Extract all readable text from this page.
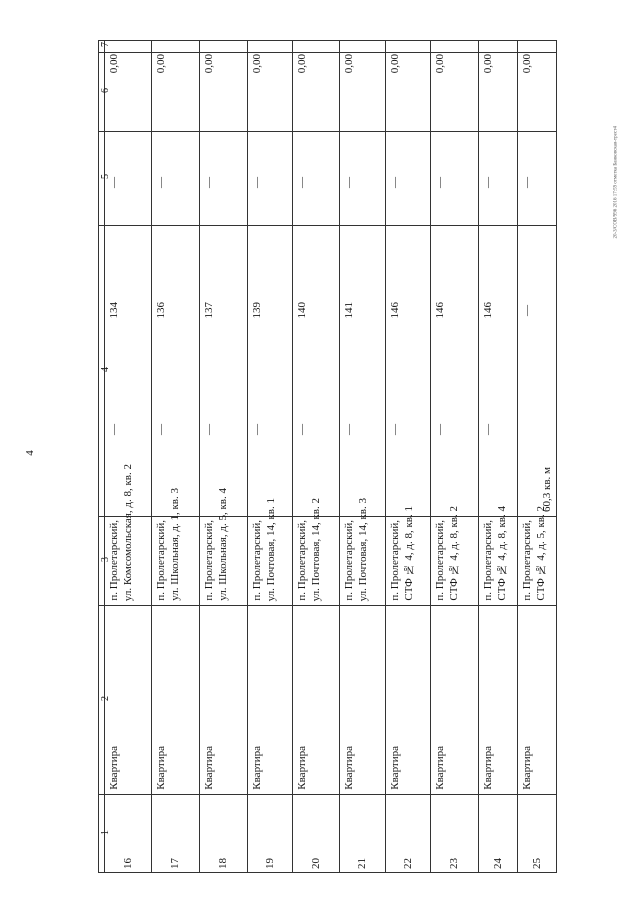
4
20-3/СОВ/996 2016 17:59 отметка Банковская-трест4
1
2
3
4
5
6
7
16
Квартира
п. Пролетарский, ул. Комсомольская, д. 8, кв. 2
—
134
—
0,00
17
Квартира
п. Пролетарский, ул. Школьная, д. 1, кв. 3
—
136
—
0,00
18
Квартира
п. Пролетарский, ул. Школьная, д. 5, кв. 4
—
137
—
0,00
19
Квартира
п. Пролетарский, ул. Почтовая, 14, кв. 1
—
139
—
0,00
20
Квартира
п. Пролетарский, ул. Почтовая, 14, кв. 2
—
140
—
0,00
21
Квартира
п. Пролетарский, ул. Почтовая, 14, кв. 3
—
141
—
0,00
22
Квартира
п. Пролетарский, СТФ № 4, д. 8, кв. 1
—
146
—
0,00
23
Квартира
п. Пролетарский, СТФ № 4, д. 8, кв. 2
—
146
—
0,00
24
Квартира
п. Пролетарский, СТФ № 4, д. 8, кв. 4
—
146
—
0,00
25
Квартира
п. Пролетарский, СТФ № 4, д. 5, кв. 2
60,3 кв. м
—
—
0,00
